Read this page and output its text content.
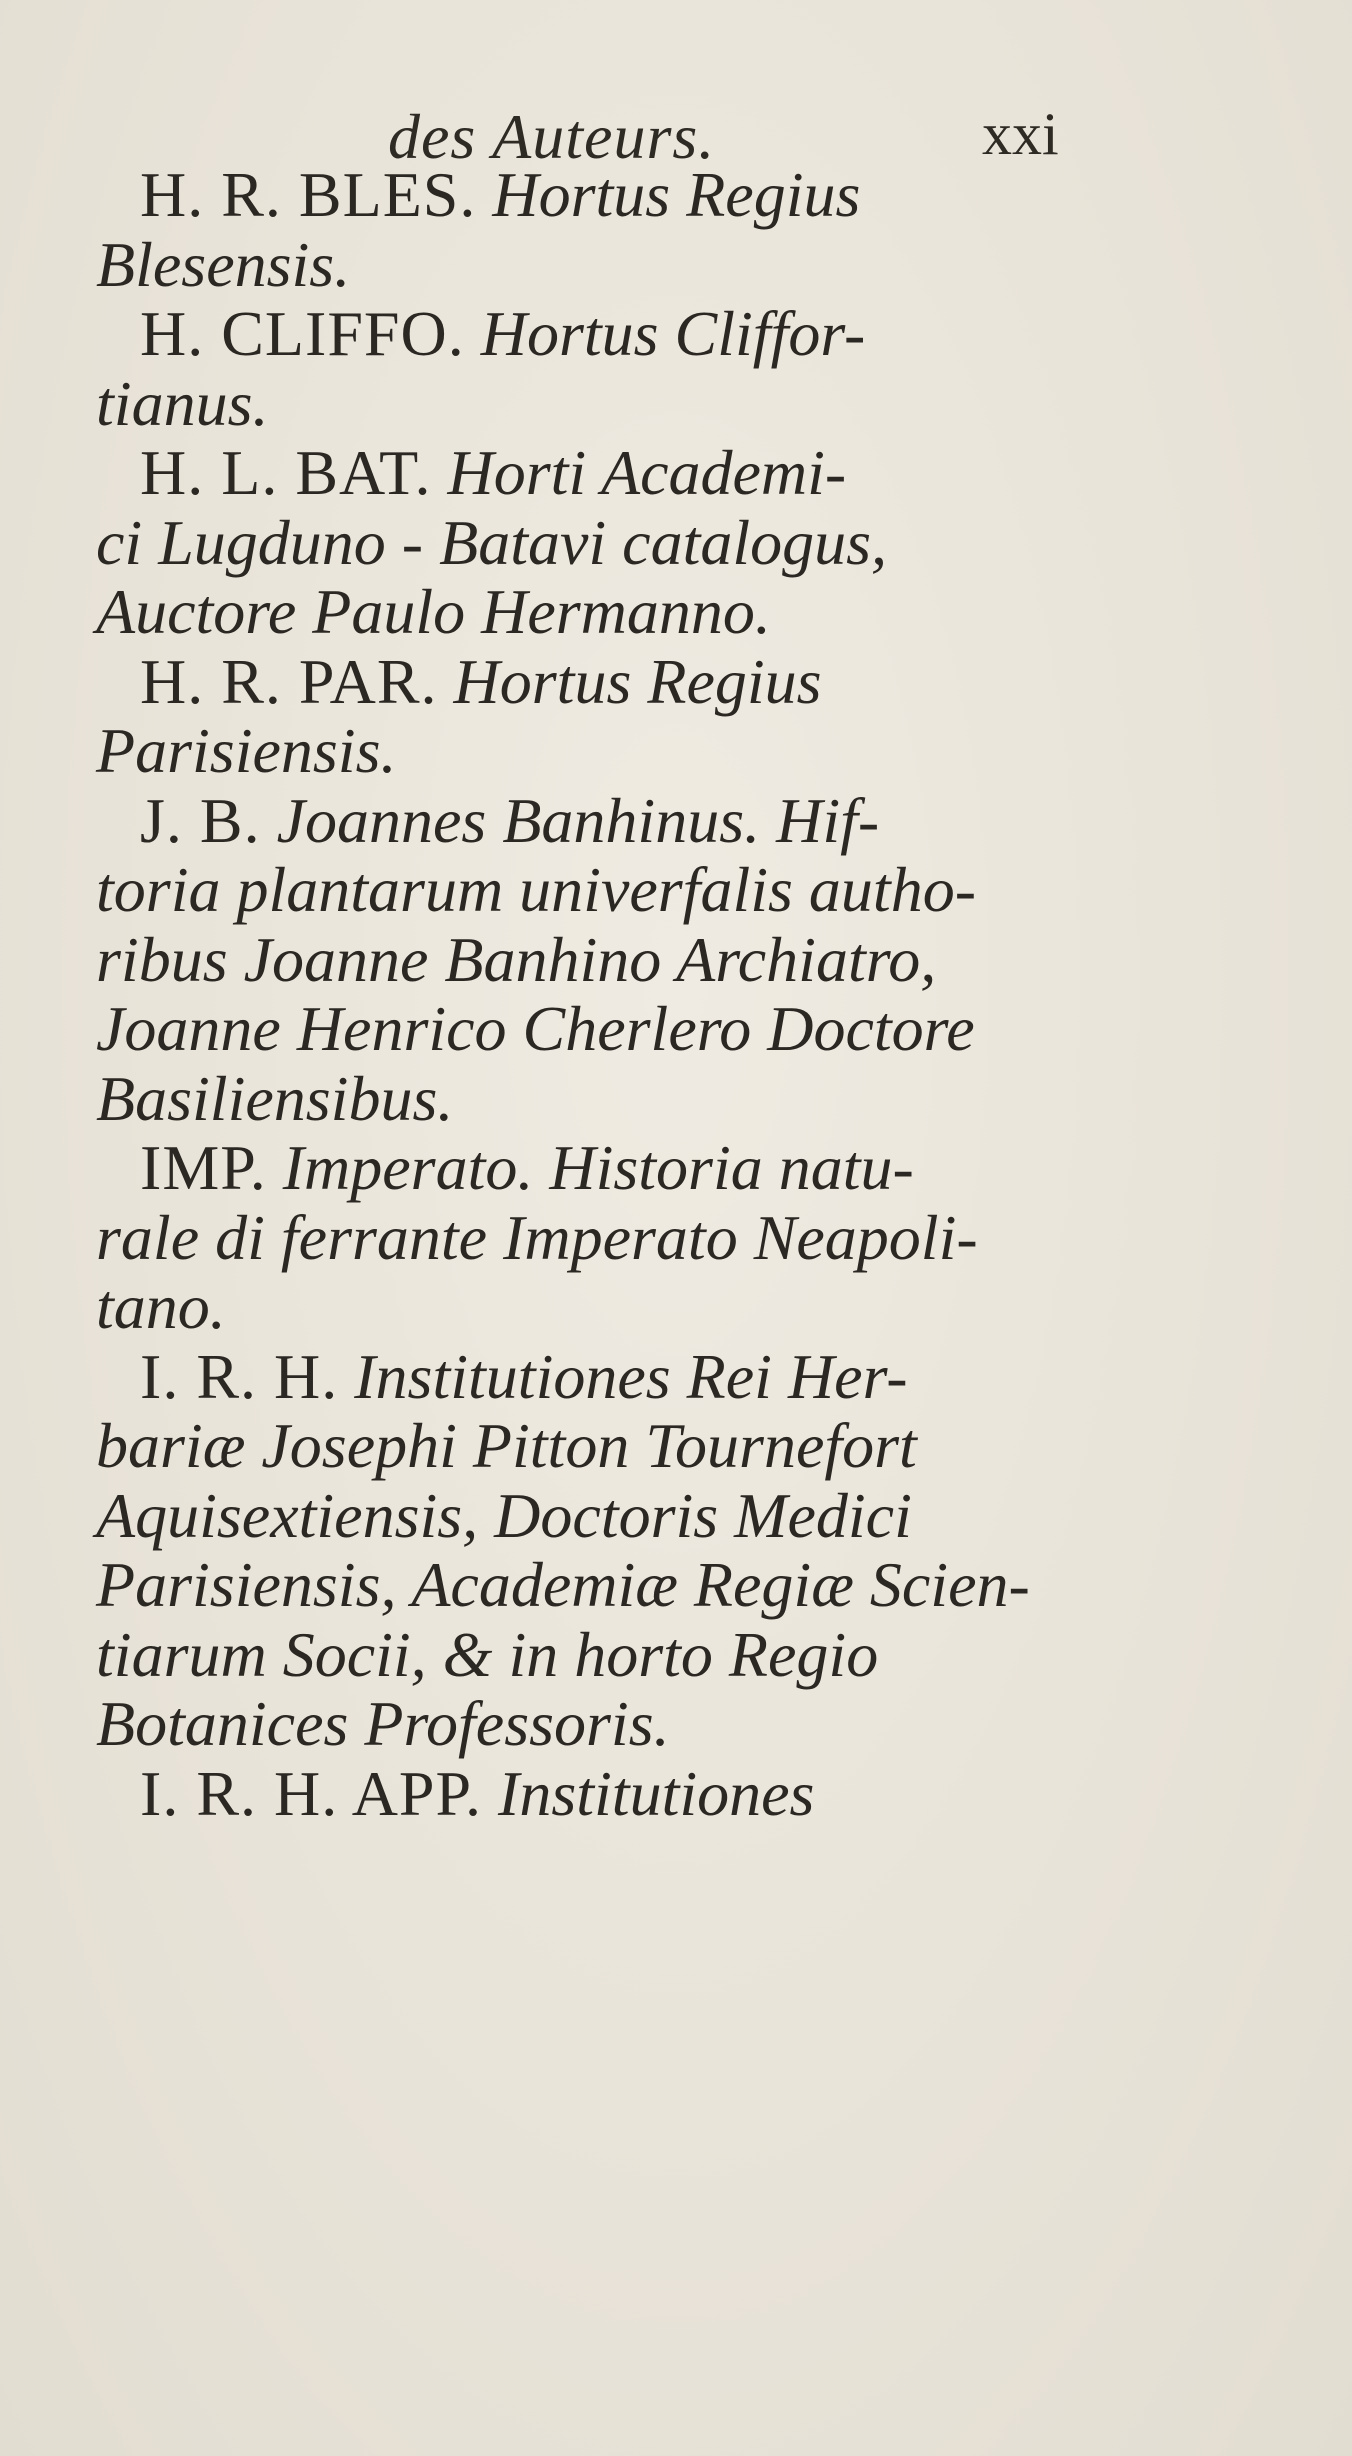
des Auteurs.	xxi
H. R. BLES. Hortus Regius
Blesensis.
H. CLIFFO. Hortus Cliffor-
tianus.
H. L. BAT. Horti Academi-
ci Lugduno - Batavi catalogus,
Auctore Paulo Hermanno.
H. R. PAR. Hortus Regius
Parisiensis.
J. B. Joannes Banhinus. Hif-
toria plantarum univerfalis autho-
ribus Joanne Banhino Archiatro,
Joanne Henrico Cherlero Doctore
Basiliensibus.
IMP. Imperato. Historia natu-
rale di ferrante Imperato Neapoli-
tano.
I. R. H. Institutiones Rei Her-
bariæ Josephi Pitton Tournefort
Aquisextiensis, Doctoris Medici
Parisiensis, Academiæ Regiæ Scien-
tiarum Socii, & in horto Regio
Botanices Professoris.
I. R. H. APP. Institutiones
